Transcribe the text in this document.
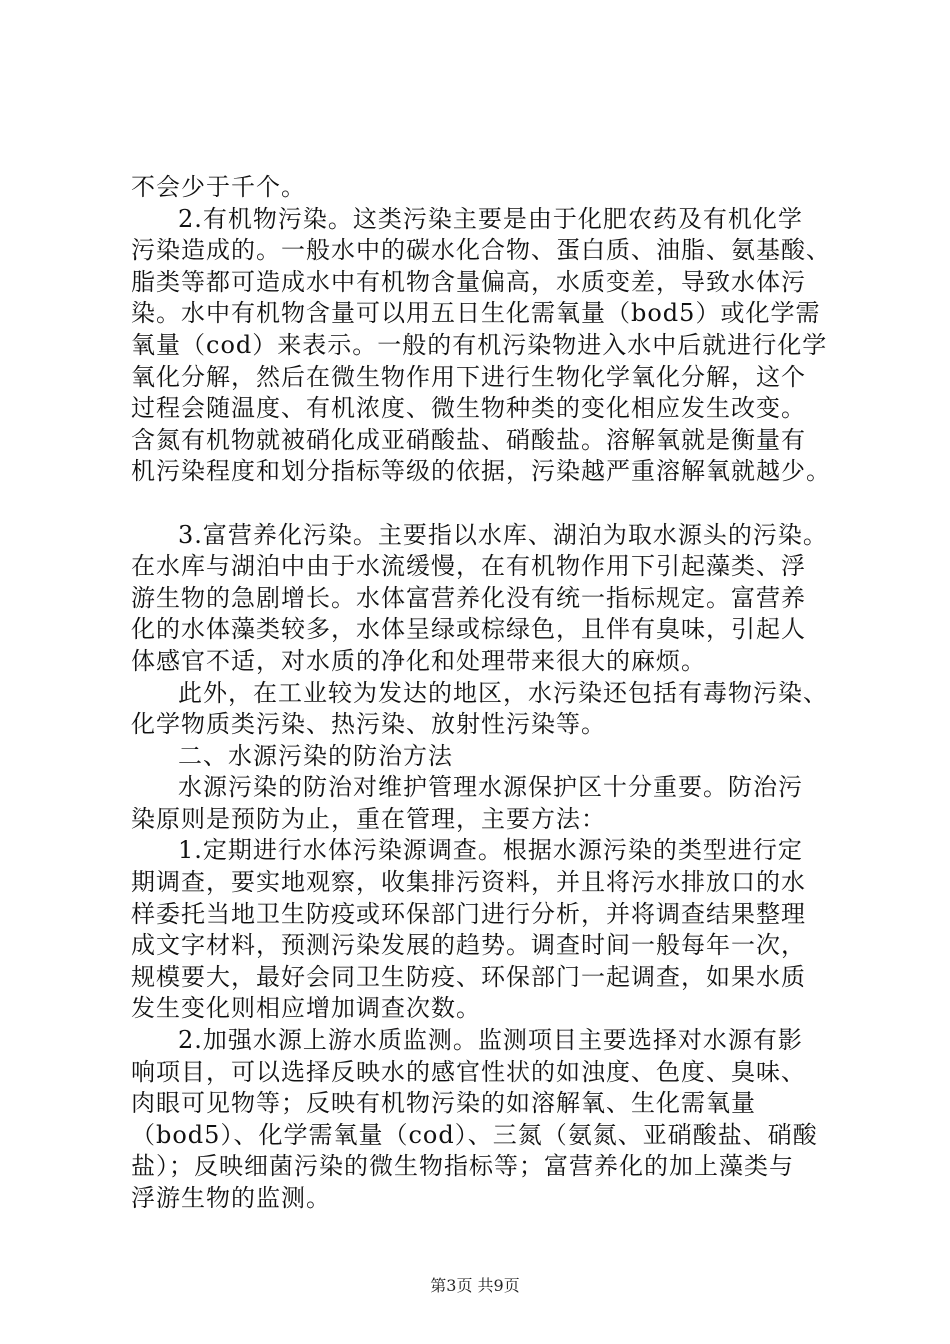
不会少于千个。
2.有机物污染。这类污染主要是由于化肥农药及有机化学
污染造成的。一般水中的碳水化合物、蛋白质、油脂、氨基酸、
脂类等都可造成水中有机物含量偏高，水质变差，导致水体污
染。水中有机物含量可以用五日生化需氧量（bod5）或化学需
氧量（cod）来表示。一般的有机污染物进入水中后就进行化学
氧化分解，然后在微生物作用下进行生物化学氧化分解，这个
过程会随温度、有机浓度、微生物种类的变化相应发生改变。
含氮有机物就被硝化成亚硝酸盐、硝酸盐。溶解氧就是衡量有
机污染程度和划分指标等级的依据，污染越严重溶解氧就越少。
3.富营养化污染。主要指以水库、湖泊为取水源头的污染。
在水库与湖泊中由于水流缓慢，在有机物作用下引起藻类、浮
游生物的急剧增长。水体富营养化没有统一指标规定。富营养
化的水体藻类较多，水体呈绿或棕绿色，且伴有臭味，引起人
体感官不适，对水质的净化和处理带来很大的麻烦。
此外，在工业较为发达的地区，水污染还包括有毒物污染、
化学物质类污染、热污染、放射性污染等。
二、水源污染的防治方法
水源污染的防治对维护管理水源保护区十分重要。防治污
染原则是预防为止，重在管理，主要方法：
1.定期进行水体污染源调查。根据水源污染的类型进行定
期调查，要实地观察，收集排污资料，并且将污水排放口的水
样委托当地卫生防疫或环保部门进行分析，并将调查结果整理
成文字材料，预测污染发展的趋势。调查时间一般每年一次，
规模要大，最好会同卫生防疫、环保部门一起调查，如果水质
发生变化则相应增加调查次数。
2.加强水源上游水质监测。监测项目主要选择对水源有影
响项目，可以选择反映水的感官性状的如浊度、色度、臭味、
肉眼可见物等；反映有机物污染的如溶解氧、生化需氧量
（bod5）、化学需氧量（cod）、三氮（氨氮、亚硝酸盐、硝酸
盐）；反映细菌污染的微生物指标等；富营养化的加上藻类与
浮游生物的监测。
第3页 共9页
